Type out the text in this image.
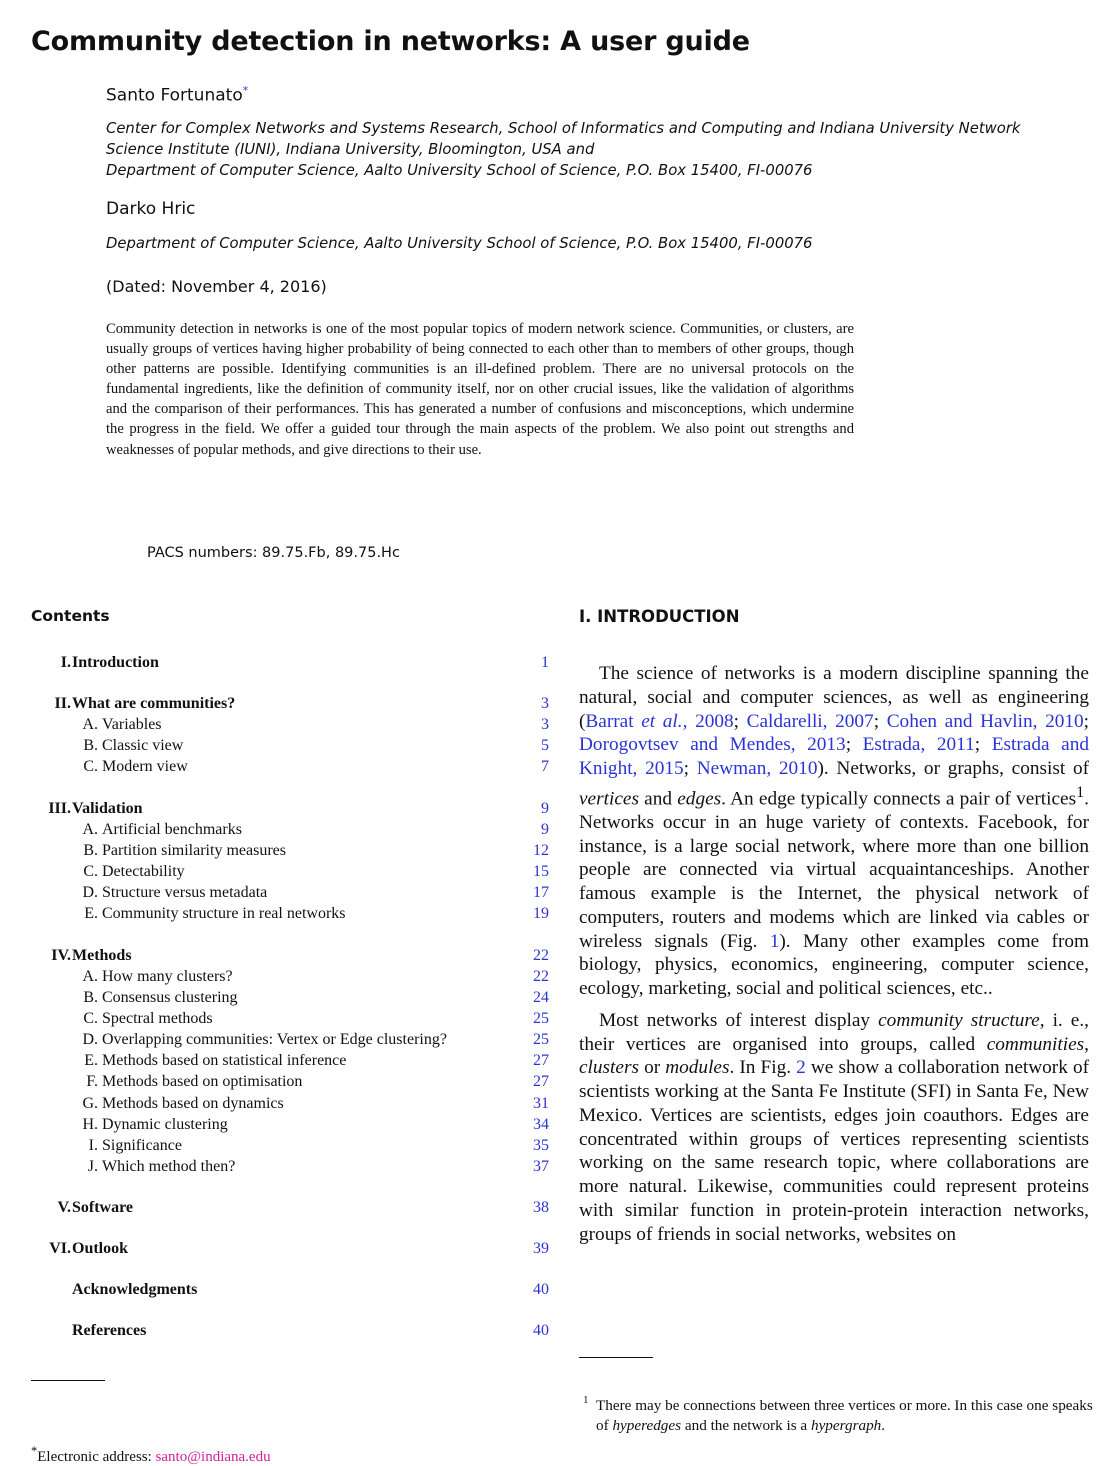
Community detection in networks: A user guide
Santo Fortunato*
Center for Complex Networks and Systems Research, School of Informatics and Computing and Indiana University Network
Science Institute (IUNI), Indiana University, Bloomington, USA and
Department of Computer Science, Aalto University School of Science, P.O. Box 15400, FI-00076
Darko Hric
Department of Computer Science, Aalto University School of Science, P.O. Box 15400, FI-00076
(Dated: November 4, 2016)
Community detection in networks is one of the most popular topics of modern network science. Communities, or clusters, are usually groups of vertices having higher probability of being connected to each other than to members of other groups, though other patterns are possible. Identifying communities is an ill-defined problem. There are no universal protocols on the fundamental ingredients, like the definition of community itself, nor on other crucial issues, like the validation of algorithms and the comparison of their performances. This has generated a number of confusions and misconceptions, which undermine the progress in the field. We offer a guided tour through the main aspects of the problem. We also point out strengths and weaknesses of popular methods, and give directions to their use.
PACS numbers: 89.75.Fb, 89.75.Hc
Contents
I. Introduction	1
II. What are communities?	3
A. Variables	3
B. Classic view	5
C. Modern view	7
III. Validation	9
A. Artificial benchmarks	9
B. Partition similarity measures	12
C. Detectability	15
D. Structure versus metadata	17
E. Community structure in real networks	19
IV. Methods	22
A. How many clusters?	22
B. Consensus clustering	24
C. Spectral methods	25
D. Overlapping communities: Vertex or Edge clustering?	25
E. Methods based on statistical inference	27
F. Methods based on optimisation	27
G. Methods based on dynamics	31
H. Dynamic clustering	34
I. Significance	35
J. Which method then?	37
V. Software	38
VI. Outlook	39
Acknowledgments	40
References	40
I. INTRODUCTION

The science of networks is a modern discipline spanning the natural, social and computer sciences, as well as engineering (Barrat et al., 2008; Caldarelli, 2007; Cohen and Havlin, 2010; Dorogovtsev and Mendes, 2013; Estrada, 2011; Estrada and Knight, 2015; Newman, 2010). Networks, or graphs, consist of vertices and edges. An edge typically connects a pair of vertices$^1$. Networks occur in an huge variety of contexts. Facebook, for instance, is a large social network, where more than one billion people are connected via virtual acquaintanceships. Another famous example is the Internet, the physical network of computers, routers and modems which are linked via cables or wireless signals (Fig. 1). Many other examples come from biology, physics, economics, engineering, computer science, ecology, marketing, social and political sciences, etc..

Most networks of interest display community structure, i. e., their vertices are organised into groups, called communities, clusters or modules. In Fig. 2 we show a collaboration network of scientists working at the Santa Fe Institute (SFI) in Santa Fe, New Mexico. Vertices are scientists, edges join coauthors. Edges are concentrated within groups of vertices representing scientists working on the same research topic, where collaborations are more natural. Likewise, communities could represent proteins with similar function in protein-protein interaction networks, groups of friends in social networks, websites on

*Electronic address: santo@indiana.edu
1 There may be connections between three vertices or more. In this case one speaks of hyperedges and the network is a hypergraph.
